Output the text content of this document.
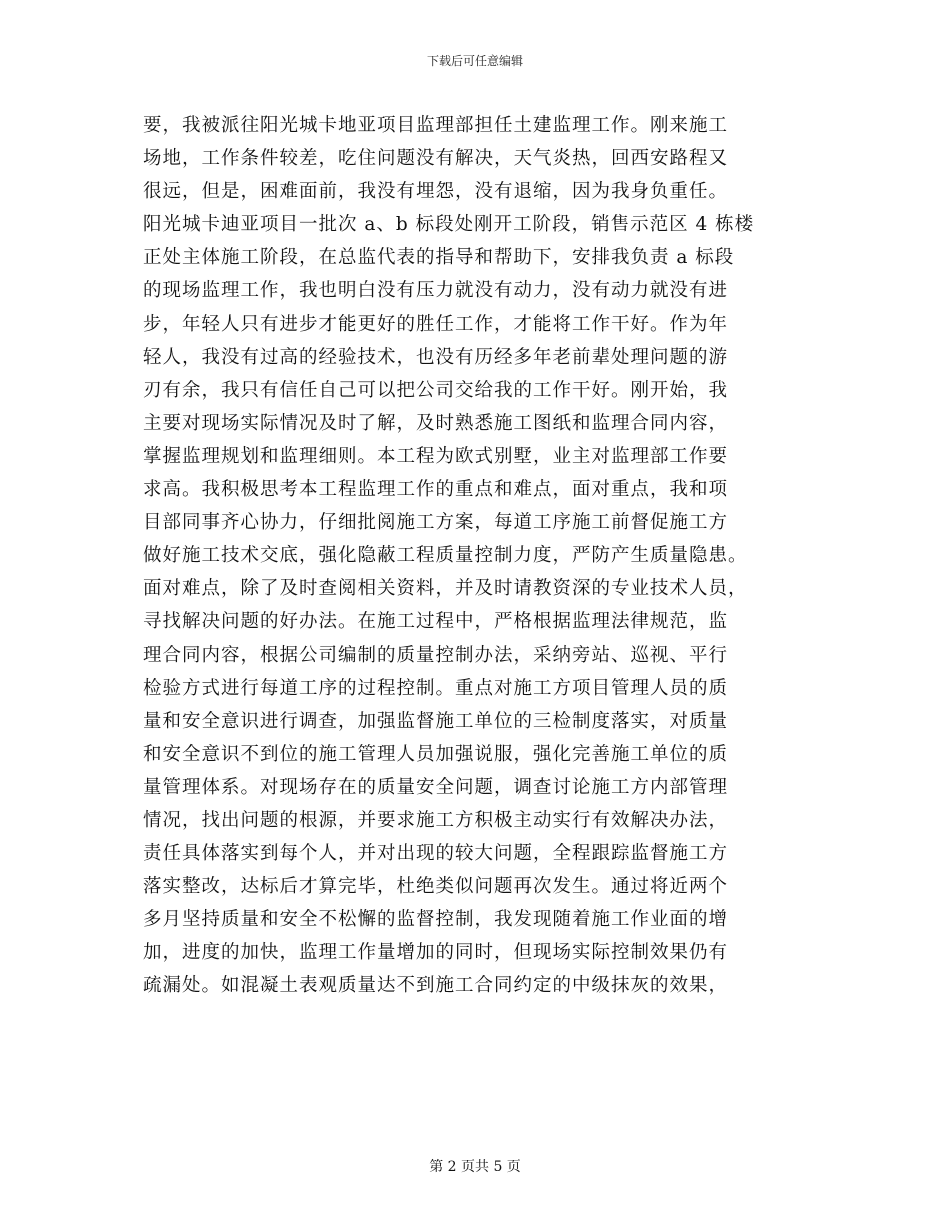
下载后可任意编辑
要，我被派往阳光城卡地亚项目监理部担任土建监理工作。刚来施工
场地，工作条件较差，吃住问题没有解决，天气炎热，回西安路程又
很远，但是，困难面前，我没有埋怨，没有退缩，因为我身负重任。
阳光城卡迪亚项目一批次 a、b 标段处刚开工阶段，销售示范区 4 栋楼
正处主体施工阶段，在总监代表的指导和帮助下，安排我负责 a 标段
的现场监理工作，我也明白没有压力就没有动力，没有动力就没有进
步，年轻人只有进步才能更好的胜任工作，才能将工作干好。作为年
轻人，我没有过高的经验技术，也没有历经多年老前辈处理问题的游
刃有余，我只有信任自己可以把公司交给我的工作干好。刚开始，我
主要对现场实际情况及时了解，及时熟悉施工图纸和监理合同内容，
掌握监理规划和监理细则。本工程为欧式别墅，业主对监理部工作要
求高。我积极思考本工程监理工作的重点和难点，面对重点，我和项
目部同事齐心协力，仔细批阅施工方案，每道工序施工前督促施工方
做好施工技术交底，强化隐蔽工程质量控制力度，严防产生质量隐患。
面对难点，除了及时查阅相关资料，并及时请教资深的专业技术人员，
寻找解决问题的好办法。在施工过程中，严格根据监理法律规范，监
理合同内容，根据公司编制的质量控制办法，采纳旁站、巡视、平行
检验方式进行每道工序的过程控制。重点对施工方项目管理人员的质
量和安全意识进行调查，加强监督施工单位的三检制度落实，对质量
和安全意识不到位的施工管理人员加强说服，强化完善施工单位的质
量管理体系。对现场存在的质量安全问题，调查讨论施工方内部管理
情况，找出问题的根源，并要求施工方积极主动实行有效解决办法，
责任具体落实到每个人，并对出现的较大问题，全程跟踪监督施工方
落实整改，达标后才算完毕，杜绝类似问题再次发生。通过将近两个
多月坚持质量和安全不松懈的监督控制，我发现随着施工作业面的增
加，进度的加快，监理工作量增加的同时，但现场实际控制效果仍有
疏漏处。如混凝土表观质量达不到施工合同约定的中级抹灰的效果，
第 2 页共 5 页
